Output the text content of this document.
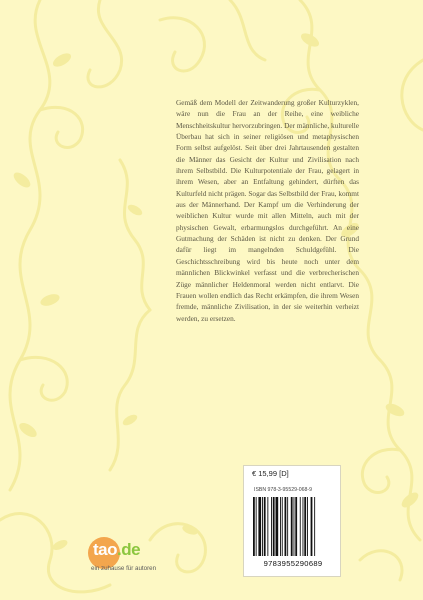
Gemäß dem Modell der Zeitwanderung großer Kulturzyklen, wäre nun die Frau an der Reihe, eine weibliche Menschheitskultur hervorzubringen. Der männliche, kulturelle Überbau hat sich in seiner religiösen und metaphysischen Form selbst aufgelöst. Seit über drei Jahrtausenden gestalten die Männer das Gesicht der Kultur und Zivilisation nach ihrem Selbstbild. Die Kulturpotentiale der Frau, gelagert in ihrem Wesen, aber an Entfaltung gehindert, dürften das Kulturfeld nicht prägen. Sogar das Selbstbild der Frau, kommt aus der Männerhand. Der Kampf um die Verhinderung der weiblichen Kultur wurde mit allen Mitteln, auch mit der physischen Gewalt, erbarmungslos durchgeführt. An eine Gutmachung der Schäden ist nicht zu denken. Der Grund dafür liegt im mangelnden Schuldgefühl. Die Geschichtsschreibung wird bis heute noch unter dem männlichen Blickwinkel verfasst und die verbrecherischen Züge männlicher Heldenmoral werden nicht entlarvt. Die Frauen wollen endlich das Recht erkämpfen, die ihrem Wesen fremde, männliche Zivilisation, in der sie weiterhin verheizt werden, zu ersetzen.

€ 15,99 [D]
ISBN 978-3-95529-068-9
9783955290689
tao.de
ein zuhause für autoren
